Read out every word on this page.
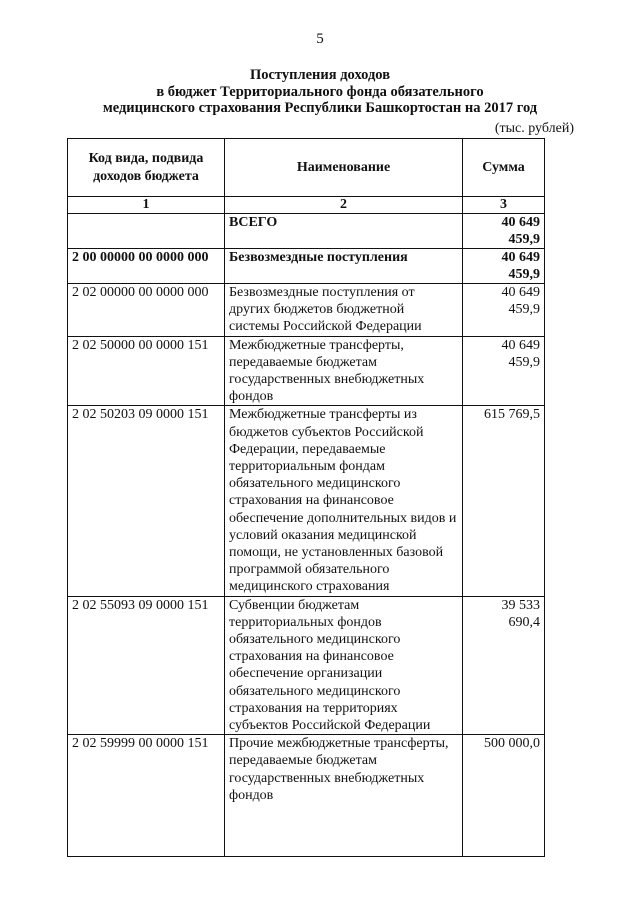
5
Поступления доходов
в бюджет Территориального фонда обязательного
медицинского страхования Республики Башкортостан на 2017 год
(тыс. рублей)
Код вида, подвида доходов бюджета	Наименование	Сумма
1	2	3
	ВСЕГО	40 649 459,9
2 00 00000 00 0000 000	Безвозмездные поступления	40 649 459,9
2 02 00000 00 0000 000	Безвозмездные поступления от других бюджетов бюджетной системы Российской Федерации	40 649 459,9
2 02 50000 00 0000 151	Межбюджетные трансферты, передаваемые бюджетам государственных внебюджетных фондов	40 649 459,9
2 02 50203 09 0000 151	Межбюджетные трансферты из бюджетов субъектов Российской Федерации, передаваемые территориальным фондам обязательного медицинского страхования на финансовое обеспечение дополнительных видов и условий оказания медицинской помощи, не установленных базовой программой обязательного медицинского страхования	615 769,5
2 02 55093 09 0000 151	Субвенции бюджетам территориальных фондов обязательного медицинского страхования на финансовое обеспечение организации обязательного медицинского страхования на территориях субъектов Российской Федерации	39 533 690,4
2 02 59999 00 0000 151	Прочие межбюджетные трансферты, передаваемые бюджетам государственных внебюджетных фондов	500 000,0
